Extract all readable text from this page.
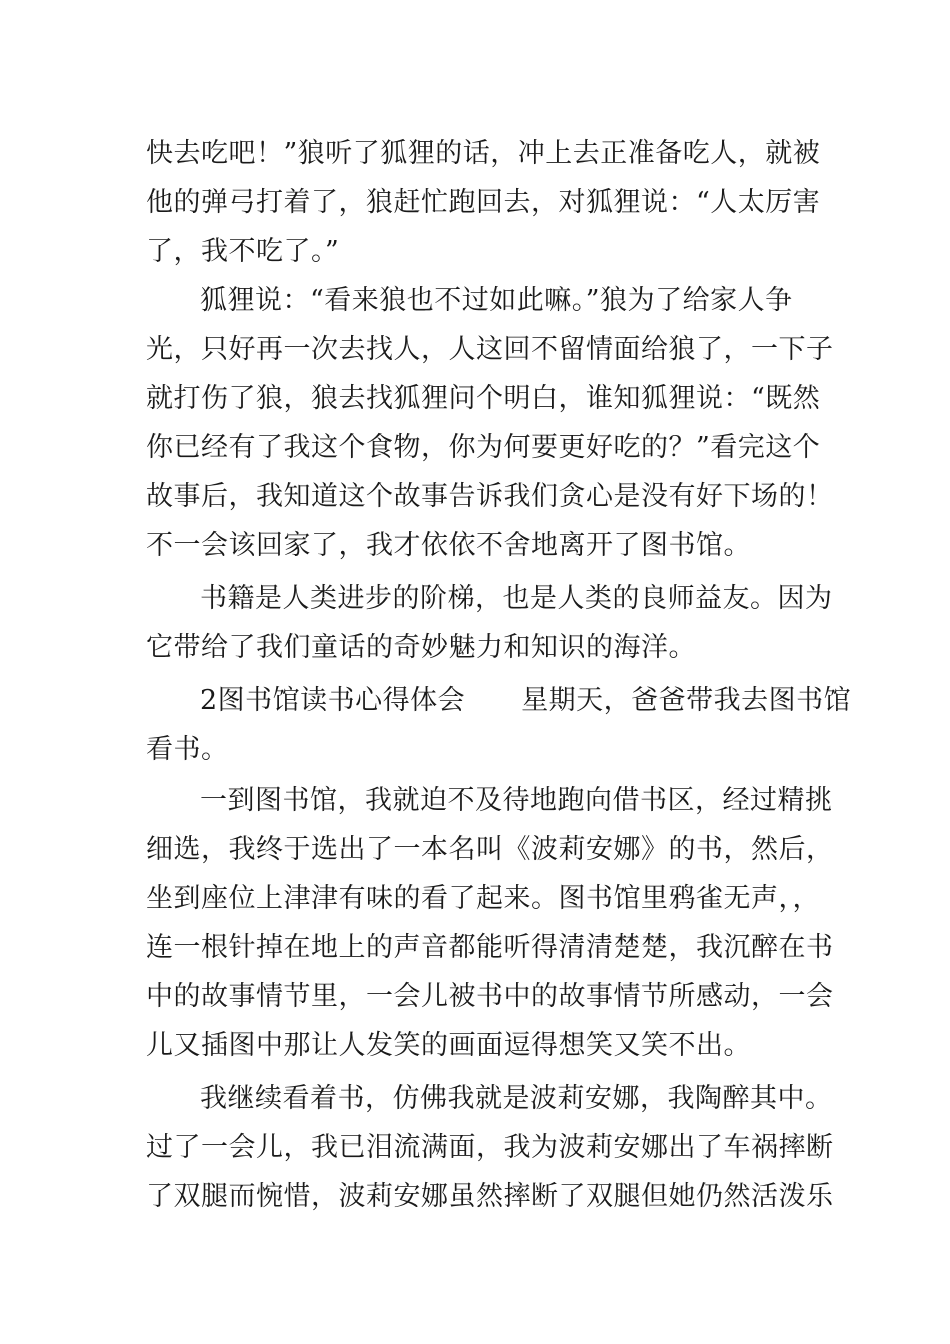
快去吃吧！”狼听了狐狸的话，冲上去正准备吃人，就被
他的弹弓打着了，狼赶忙跑回去，对狐狸说：“人太厉害
了，我不吃了。”
狐狸说：“看来狼也不过如此嘛。”狼为了给家人争
光，只好再一次去找人，人这回不留情面给狼了，一下子
就打伤了狼，狼去找狐狸问个明白，谁知狐狸说：“既然
你已经有了我这个食物，你为何要更好吃的？”看完这个
故事后，我知道这个故事告诉我们贪心是没有好下场的！
不一会该回家了，我才依依不舍地离开了图书馆。
书籍是人类进步的阶梯，也是人类的良师益友。因为
它带给了我们童话的奇妙魅力和知识的海洋。
2图书馆读书心得体会 星期天，爸爸带我去图书馆
看书。
一到图书馆，我就迫不及待地跑向借书区，经过精挑
细选，我终于选出了一本名叫《波莉安娜》的书，然后，
坐到座位上津津有味的看了起来。图书馆里鸦雀无声，，
连一根针掉在地上的声音都能听得清清楚楚，我沉醉在书
中的故事情节里，一会儿被书中的故事情节所感动，一会
儿又插图中那让人发笑的画面逗得想笑又笑不出。
我继续看着书，仿佛我就是波莉安娜，我陶醉其中。
过了一会儿，我已泪流满面，我为波莉安娜出了车祸摔断
了双腿而惋惜，波莉安娜虽然摔断了双腿但她仍然活泼乐
